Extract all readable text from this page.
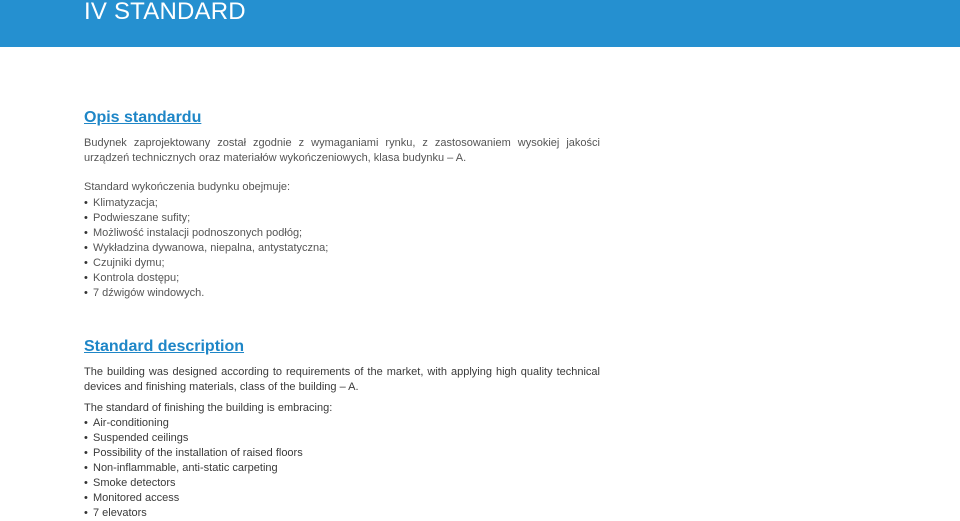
IV STANDARD
Opis standardu

Budynek zaprojektowany został zgodnie z wymaganiami rynku, z zastosowaniem wysokiej jakości urządzeń technicznych oraz materiałów wykończeniowych, klasa budynku – A.

Standard wykończenia budynku obejmuje:

• Klimatyzacja;
• Podwieszane sufity;
• Możliwość instalacji podnoszonych podłóg;
• Wykładzina dywanowa, niepalna, antystatyczna;
• Czujniki dymu;
• Kontrola dostępu;
• 7 dźwigów windowych.
Standard description

The building was designed according to requirements of the market, with applying high quality technical devices and finishing materials, class of the building – A.

The standard of finishing the building is embracing:

• Air-conditioning
• Suspended ceilings
• Possibility of the installation of raised floors
• Non-inflammable, anti-static carpeting
• Smoke detectors
• Monitored access
• 7 elevators
